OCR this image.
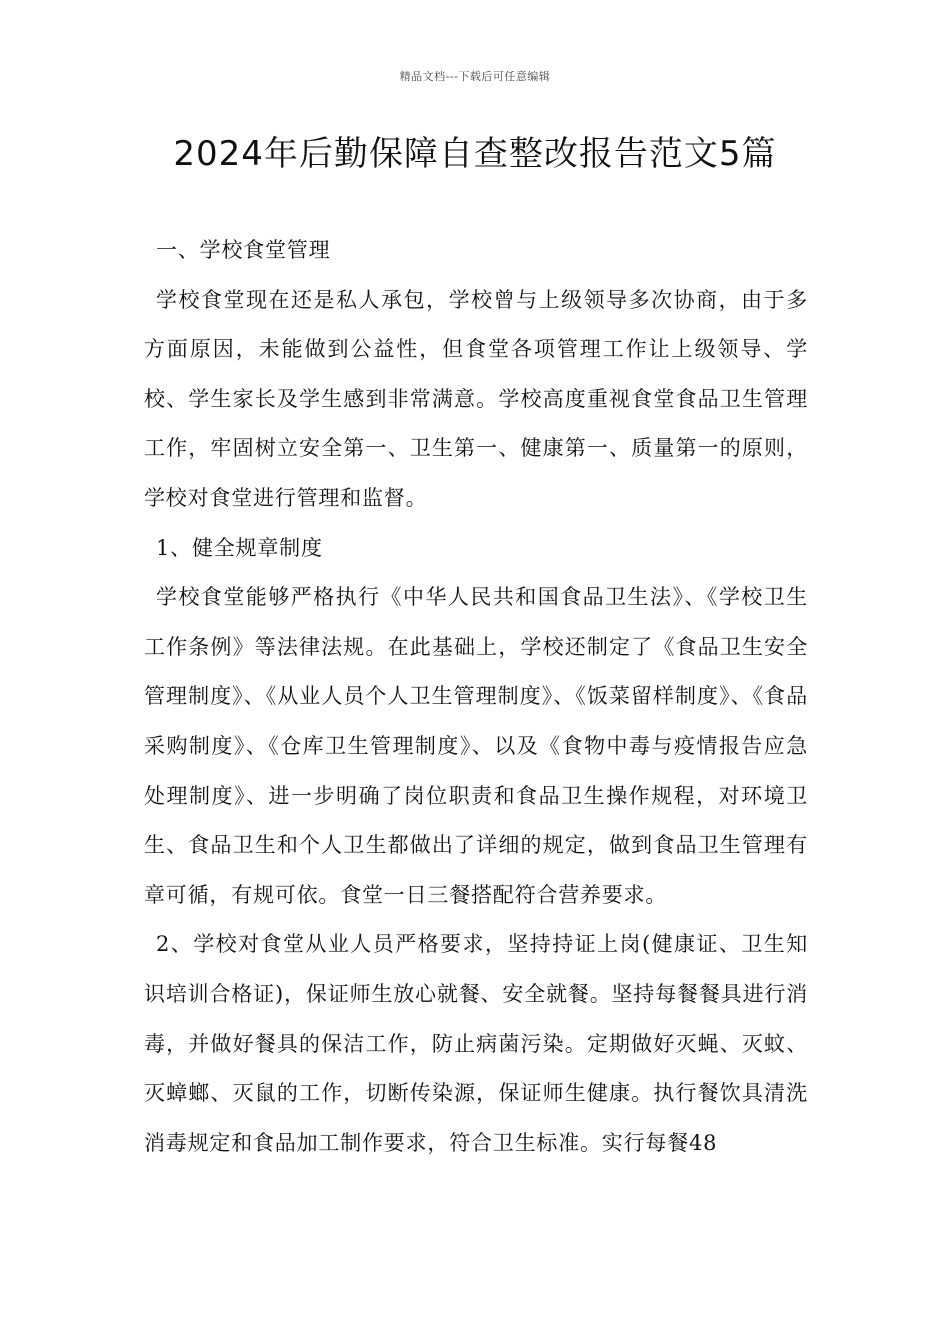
精品文档---下载后可任意编辑
2024年后勤保障自查整改报告范文5篇

一、学校食堂管理

学校食堂现在还是私人承包，学校曾与上级领导多次协商，由于多方面原因，未能做到公益性，但食堂各项管理工作让上级领导、学校、学生家长及学生感到非常满意。学校高度重视食堂食品卫生管理工作，牢固树立安全第一、卫生第一、健康第一、质量第一的原则，学校对食堂进行管理和监督。

1、健全规章制度

学校食堂能够严格执行《中华人民共和国食品卫生法》、《学校卫生工作条例》等法律法规。在此基础上，学校还制定了《食品卫生安全管理制度》、《从业人员个人卫生管理制度》、《饭菜留样制度》、《食品采购制度》、《仓库卫生管理制度》、以及《食物中毒与疫情报告应急处理制度》、进一步明确了岗位职责和食品卫生操作规程，对环境卫生、食品卫生和个人卫生都做出了详细的规定，做到食品卫生管理有章可循，有规可依。食堂一日三餐搭配符合营养要求。

2、学校对食堂从业人员严格要求，坚持持证上岗(健康证、卫生知识培训合格证)，保证师生放心就餐、安全就餐。坚持每餐餐具进行消毒，并做好餐具的保洁工作，防止病菌污染。定期做好灭蝇、灭蚊、灭蟑螂、灭鼠的工作，切断传染源，保证师生健康。执行餐饮具清洗消毒规定和食品加工制作要求，符合卫生标准。实行每餐48
